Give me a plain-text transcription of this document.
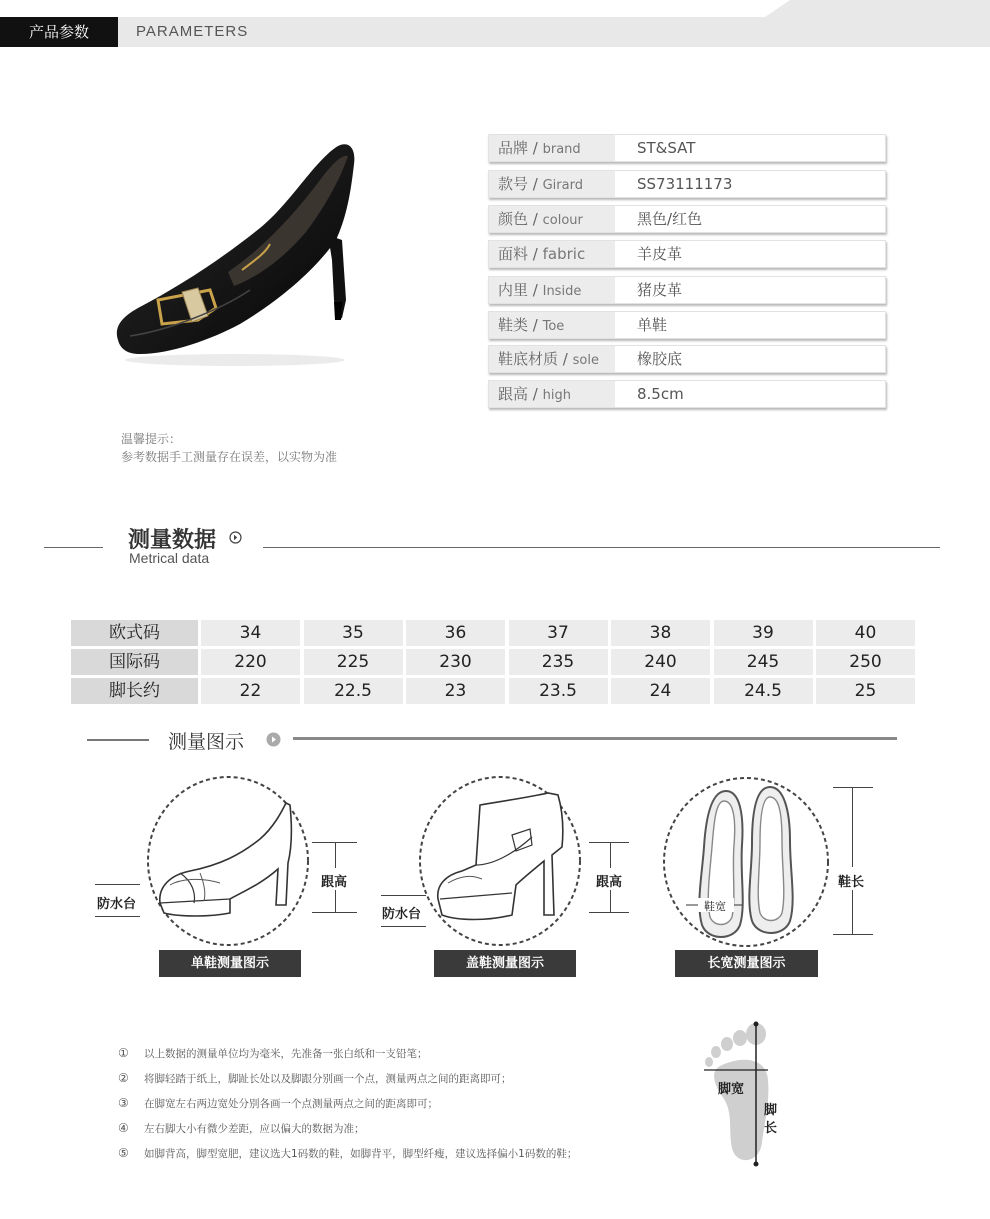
产品参数	PARAMETERS
品牌 / brand	ST&SAT
款号 / Girard	SS73111173
颜色 / colour	黑色/红色
面料 / fabric	羊皮革
内里 / Inside	猪皮革
鞋类 / Toe	单鞋
鞋底材质 / sole	橡胶底
跟高 / high	8.5cm
温馨提示：
参考数据手工测量存在误差，以实物为准
测量数据
Metrical data
欧式码	34	35	36	37	38	39	40
国际码	220	225	230	235	240	245	250
脚长约	22	22.5	23	23.5	24	24.5	25
测量图示
跟高
防水台
单鞋测量图示
跟高
防水台
盖鞋测量图示
鞋宽
鞋长
长宽测量图示
① 以上数据的测量单位均为毫米，先准备一张白纸和一支铅笔；
② 将脚轻踏于纸上，脚趾长处以及脚跟分别画一个点，测量两点之间的距离即可；
③ 在脚宽左右两边宽处分别各画一个点测量两点之间的距离即可；
④ 左右脚大小有微少差距，应以偏大的数据为准；
⑤ 如脚背高，脚型宽肥，建议选大1码数的鞋，如脚背平，脚型纤瘦，建议选择偏小1码数的鞋；
脚宽
脚
长
